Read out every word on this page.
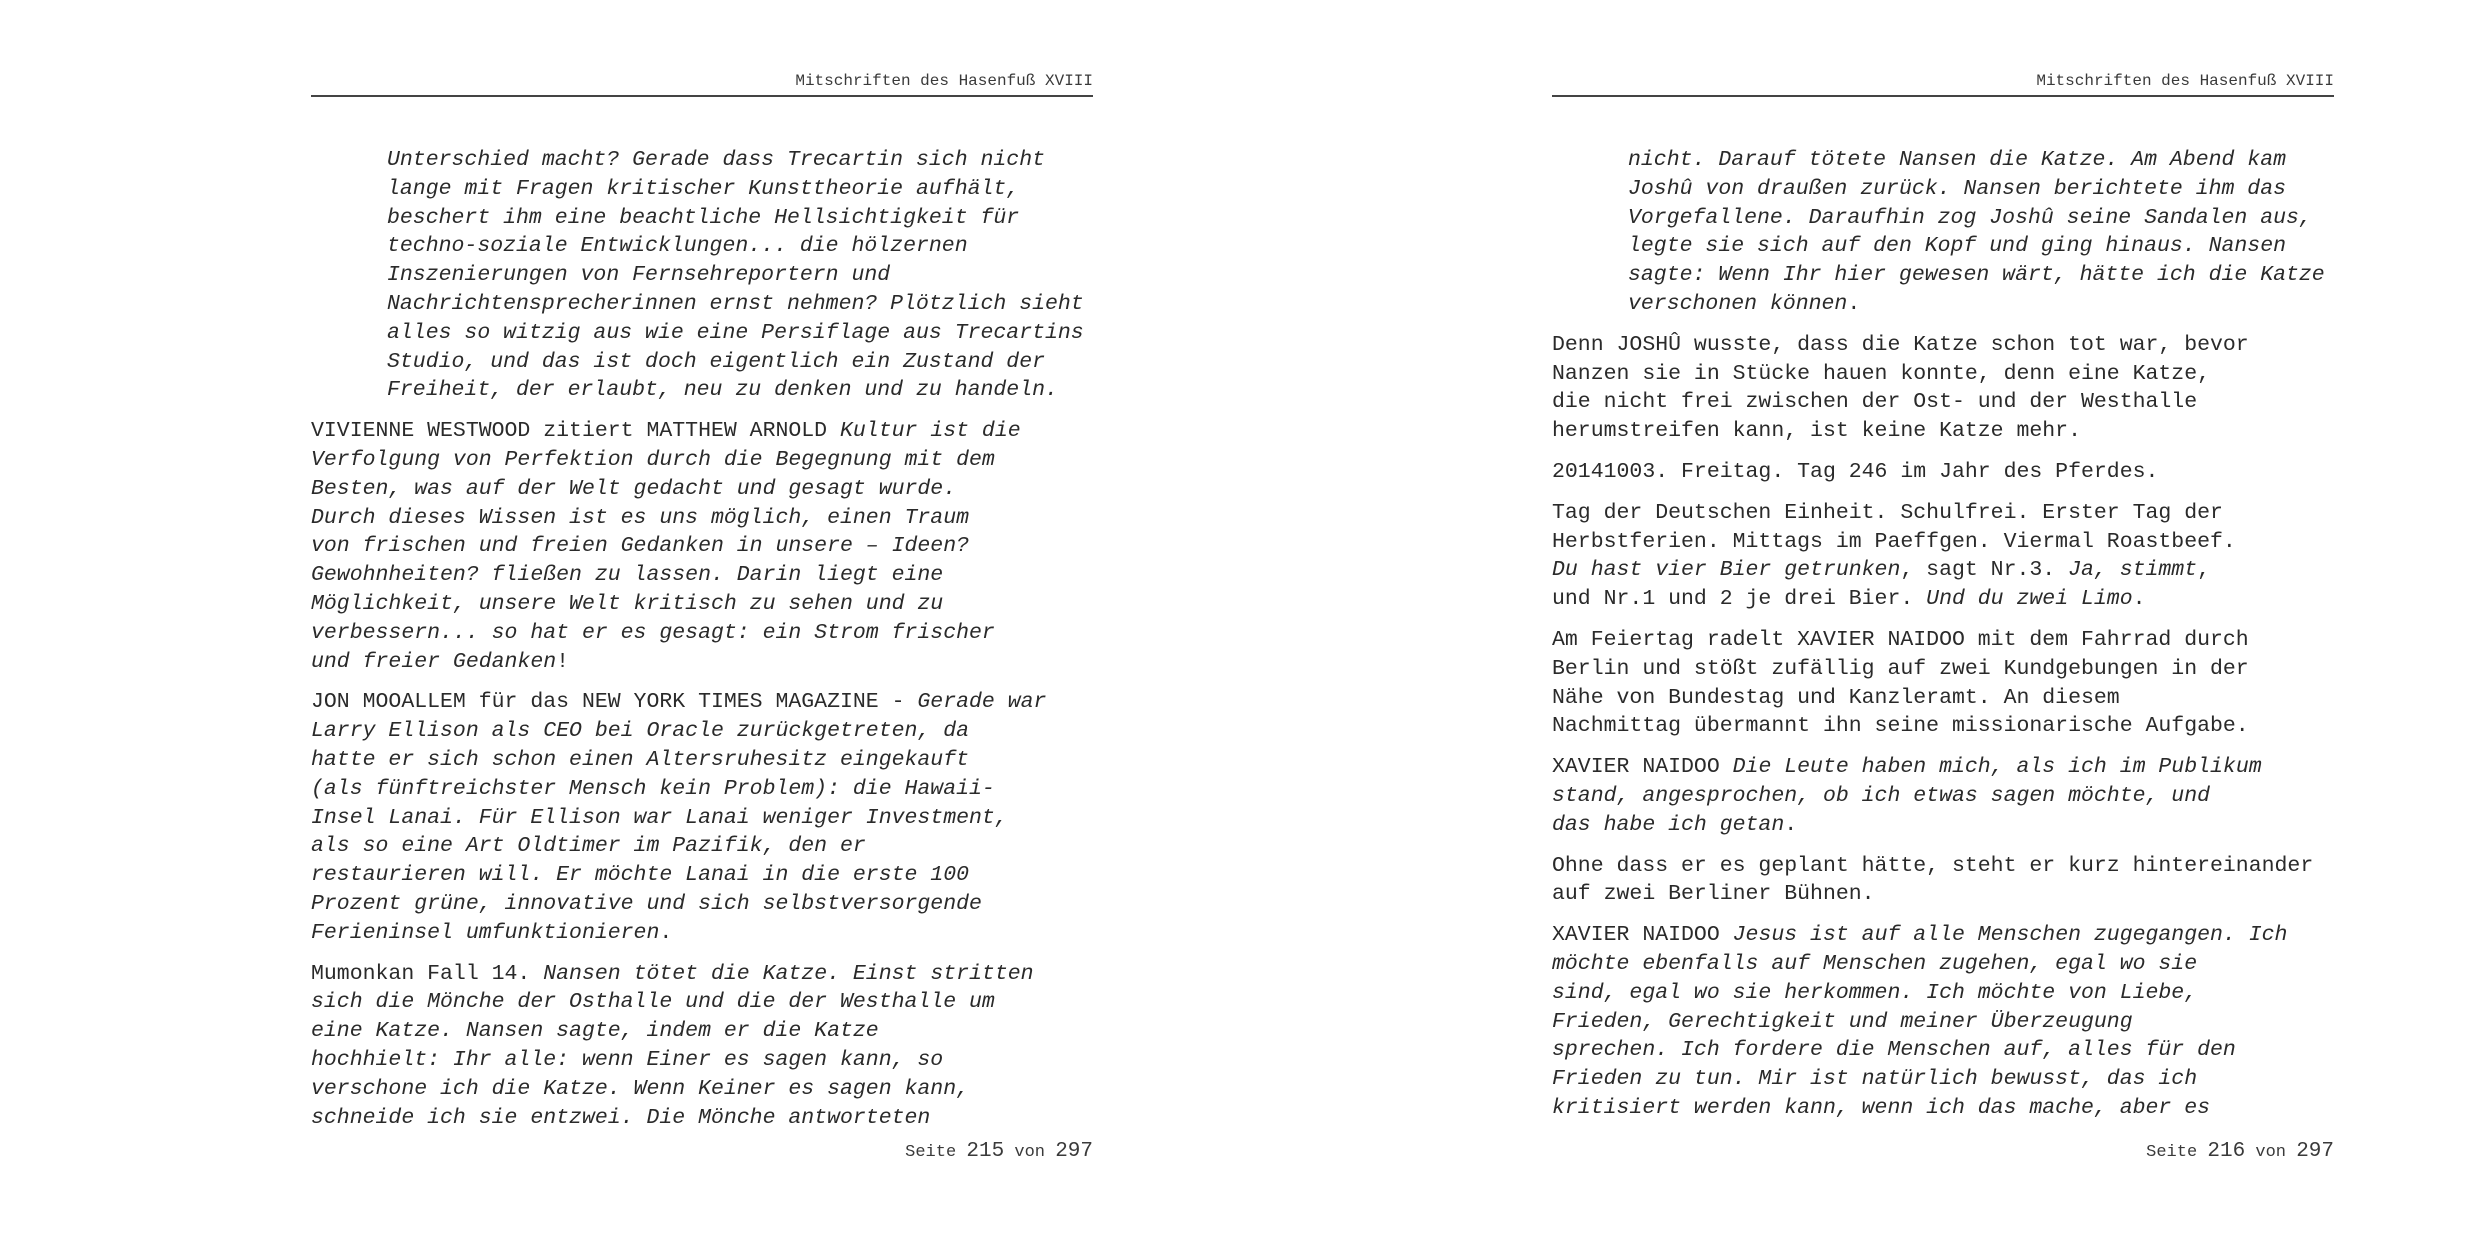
Mitschriften des Hasenfuß XVIII

Unterschied macht? Gerade dass Trecartin sich nicht
lange mit Fragen kritischer Kunsttheorie aufhält,
beschert ihm eine beachtliche Hellsichtigkeit für
techno-soziale Entwicklungen... die hölzernen
Inszenierungen von Fernsehreportern und
Nachrichtensprecherinnen ernst nehmen? Plötzlich sieht
alles so witzig aus wie eine Persiflage aus Trecartins
Studio, und das ist doch eigentlich ein Zustand der
Freiheit, der erlaubt, neu zu denken und zu handeln.

VIVIENNE WESTWOOD zitiert MATTHEW ARNOLD Kultur ist die
Verfolgung von Perfektion durch die Begegnung mit dem
Besten, was auf der Welt gedacht und gesagt wurde.
Durch dieses Wissen ist es uns möglich, einen Traum
von frischen und freien Gedanken in unsere – Ideen?
Gewohnheiten? fließen zu lassen. Darin liegt eine
Möglichkeit, unsere Welt kritisch zu sehen und zu
verbessern... so hat er es gesagt: ein Strom frischer
und freier Gedanken!

JON MOOALLEM für das NEW YORK TIMES MAGAZINE - Gerade war
Larry Ellison als CEO bei Oracle zurückgetreten, da
hatte er sich schon einen Altersruhesitz eingekauft
(als fünftreichster Mensch kein Problem): die Hawaii-
Insel Lanai. Für Ellison war Lanai weniger Investment,
als so eine Art Oldtimer im Pazifik, den er
restaurieren will. Er möchte Lanai in die erste 100
Prozent grüne, innovative und sich selbstversorgende
Ferieninsel umfunktionieren.

Mumonkan Fall 14. Nansen tötet die Katze. Einst stritten
sich die Mönche der Osthalle und die der Westhalle um
eine Katze. Nansen sagte, indem er die Katze
hochhielt: Ihr alle: wenn Einer es sagen kann, so
verschone ich die Katze. Wenn Keiner es sagen kann,
schneide ich sie entzwei. Die Mönche antworteten

Seite 215 von 297
Mitschriften des Hasenfuß XVIII

nicht. Darauf tötete Nansen die Katze. Am Abend kam
Joshû von draußen zurück. Nansen berichtete ihm das
Vorgefallene. Daraufhin zog Joshû seine Sandalen aus,
legte sie sich auf den Kopf und ging hinaus. Nansen
sagte: Wenn Ihr hier gewesen wärt, hätte ich die Katze
verschonen können.

Denn JOSHÛ wusste, dass die Katze schon tot war, bevor
Nanzen sie in Stücke hauen konnte, denn eine Katze,
die nicht frei zwischen der Ost- und der Westhalle
herumstreifen kann, ist keine Katze mehr.

20141003. Freitag. Tag 246 im Jahr des Pferdes.

Tag der Deutschen Einheit. Schulfrei. Erster Tag der
Herbstferien. Mittags im Paeffgen. Viermal Roastbeef.
Du hast vier Bier getrunken, sagt Nr.3. Ja, stimmt,
und Nr.1 und 2 je drei Bier. Und du zwei Limo.

Am Feiertag radelt XAVIER NAIDOO mit dem Fahrrad durch
Berlin und stößt zufällig auf zwei Kundgebungen in der
Nähe von Bundestag und Kanzleramt. An diesem
Nachmittag übermannt ihn seine missionarische Aufgabe.

XAVIER NAIDOO Die Leute haben mich, als ich im Publikum
stand, angesprochen, ob ich etwas sagen möchte, und
das habe ich getan.

Ohne dass er es geplant hätte, steht er kurz hintereinander
auf zwei Berliner Bühnen.

XAVIER NAIDOO Jesus ist auf alle Menschen zugegangen. Ich
möchte ebenfalls auf Menschen zugehen, egal wo sie
sind, egal wo sie herkommen. Ich möchte von Liebe,
Frieden, Gerechtigkeit und meiner Überzeugung
sprechen. Ich fordere die Menschen auf, alles für den
Frieden zu tun. Mir ist natürlich bewusst, das ich
kritisiert werden kann, wenn ich das mache, aber es

Seite 216 von 297
